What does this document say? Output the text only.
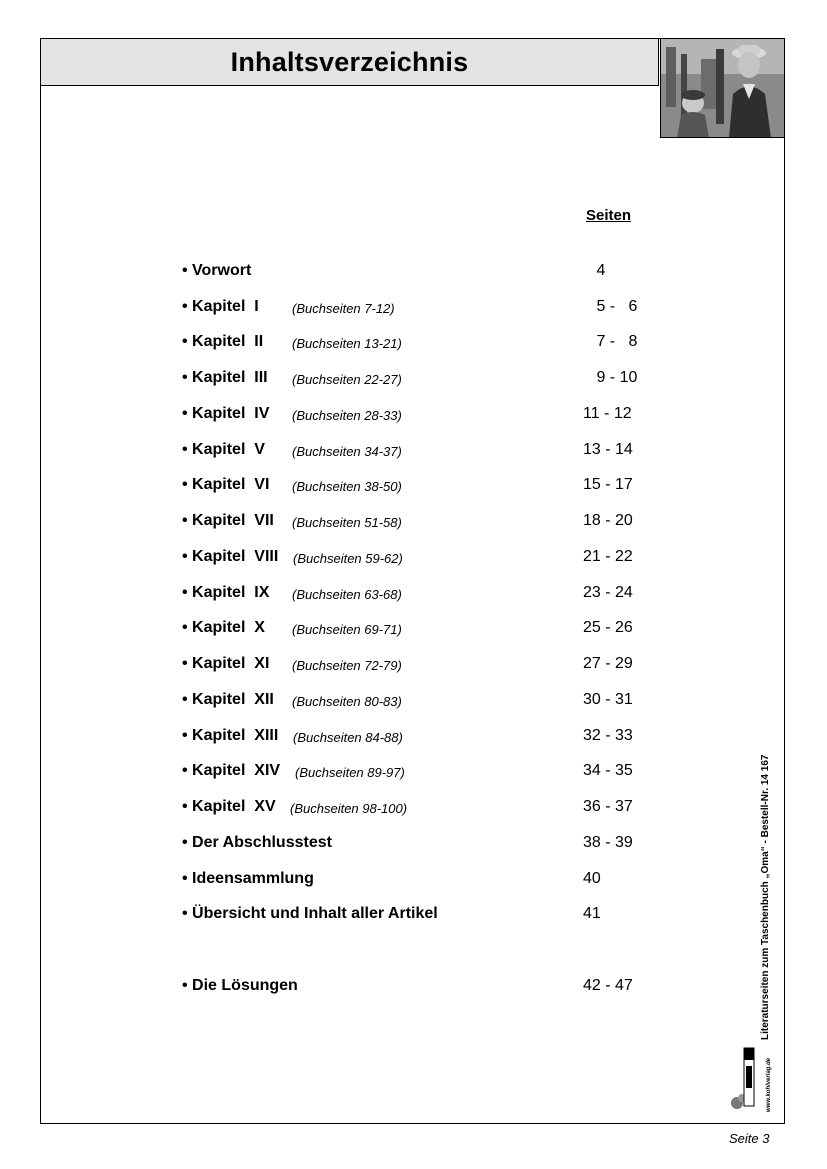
Inhaltsverzeichnis
Seiten
• Vorwort	4
• Kapitel  I	(Buchseiten 7-12)	5 -   6
• Kapitel  II (Buchseiten 13-21)	7 -   8
• Kapitel  III (Buchseiten 22-27)	9 - 10
• Kapitel  IV (Buchseiten 28-33)	11 - 12
• Kapitel  V (Buchseiten 34-37)	13 - 14
• Kapitel  VI (Buchseiten 38-50)	15 - 17
• Kapitel  VII (Buchseiten 51-58)	18 - 20
• Kapitel  VIII (Buchseiten 59-62)	21 - 22
• Kapitel  IX (Buchseiten 63-68)	23 - 24
• Kapitel  X (Buchseiten 69-71)	25 - 26
• Kapitel  XI (Buchseiten 72-79)	27 - 29
• Kapitel  XII (Buchseiten 80-83)	30 - 31
• Kapitel  XIII (Buchseiten 84-88)	32 - 33
• Kapitel  XIV (Buchseiten 89-97)	34 - 35
• Kapitel  XV (Buchseiten 98-100)	36 - 37
• Der Abschlusstest	38 - 39
• Ideensammlung	40
• Übersicht und Inhalt aller Artikel	41
• Die Lösungen	42 - 47	Literaturseiten zum Taschenbuch „Oma“ - Bestell-Nr. 14 167
www.kohlverlag.de
Seite 3
